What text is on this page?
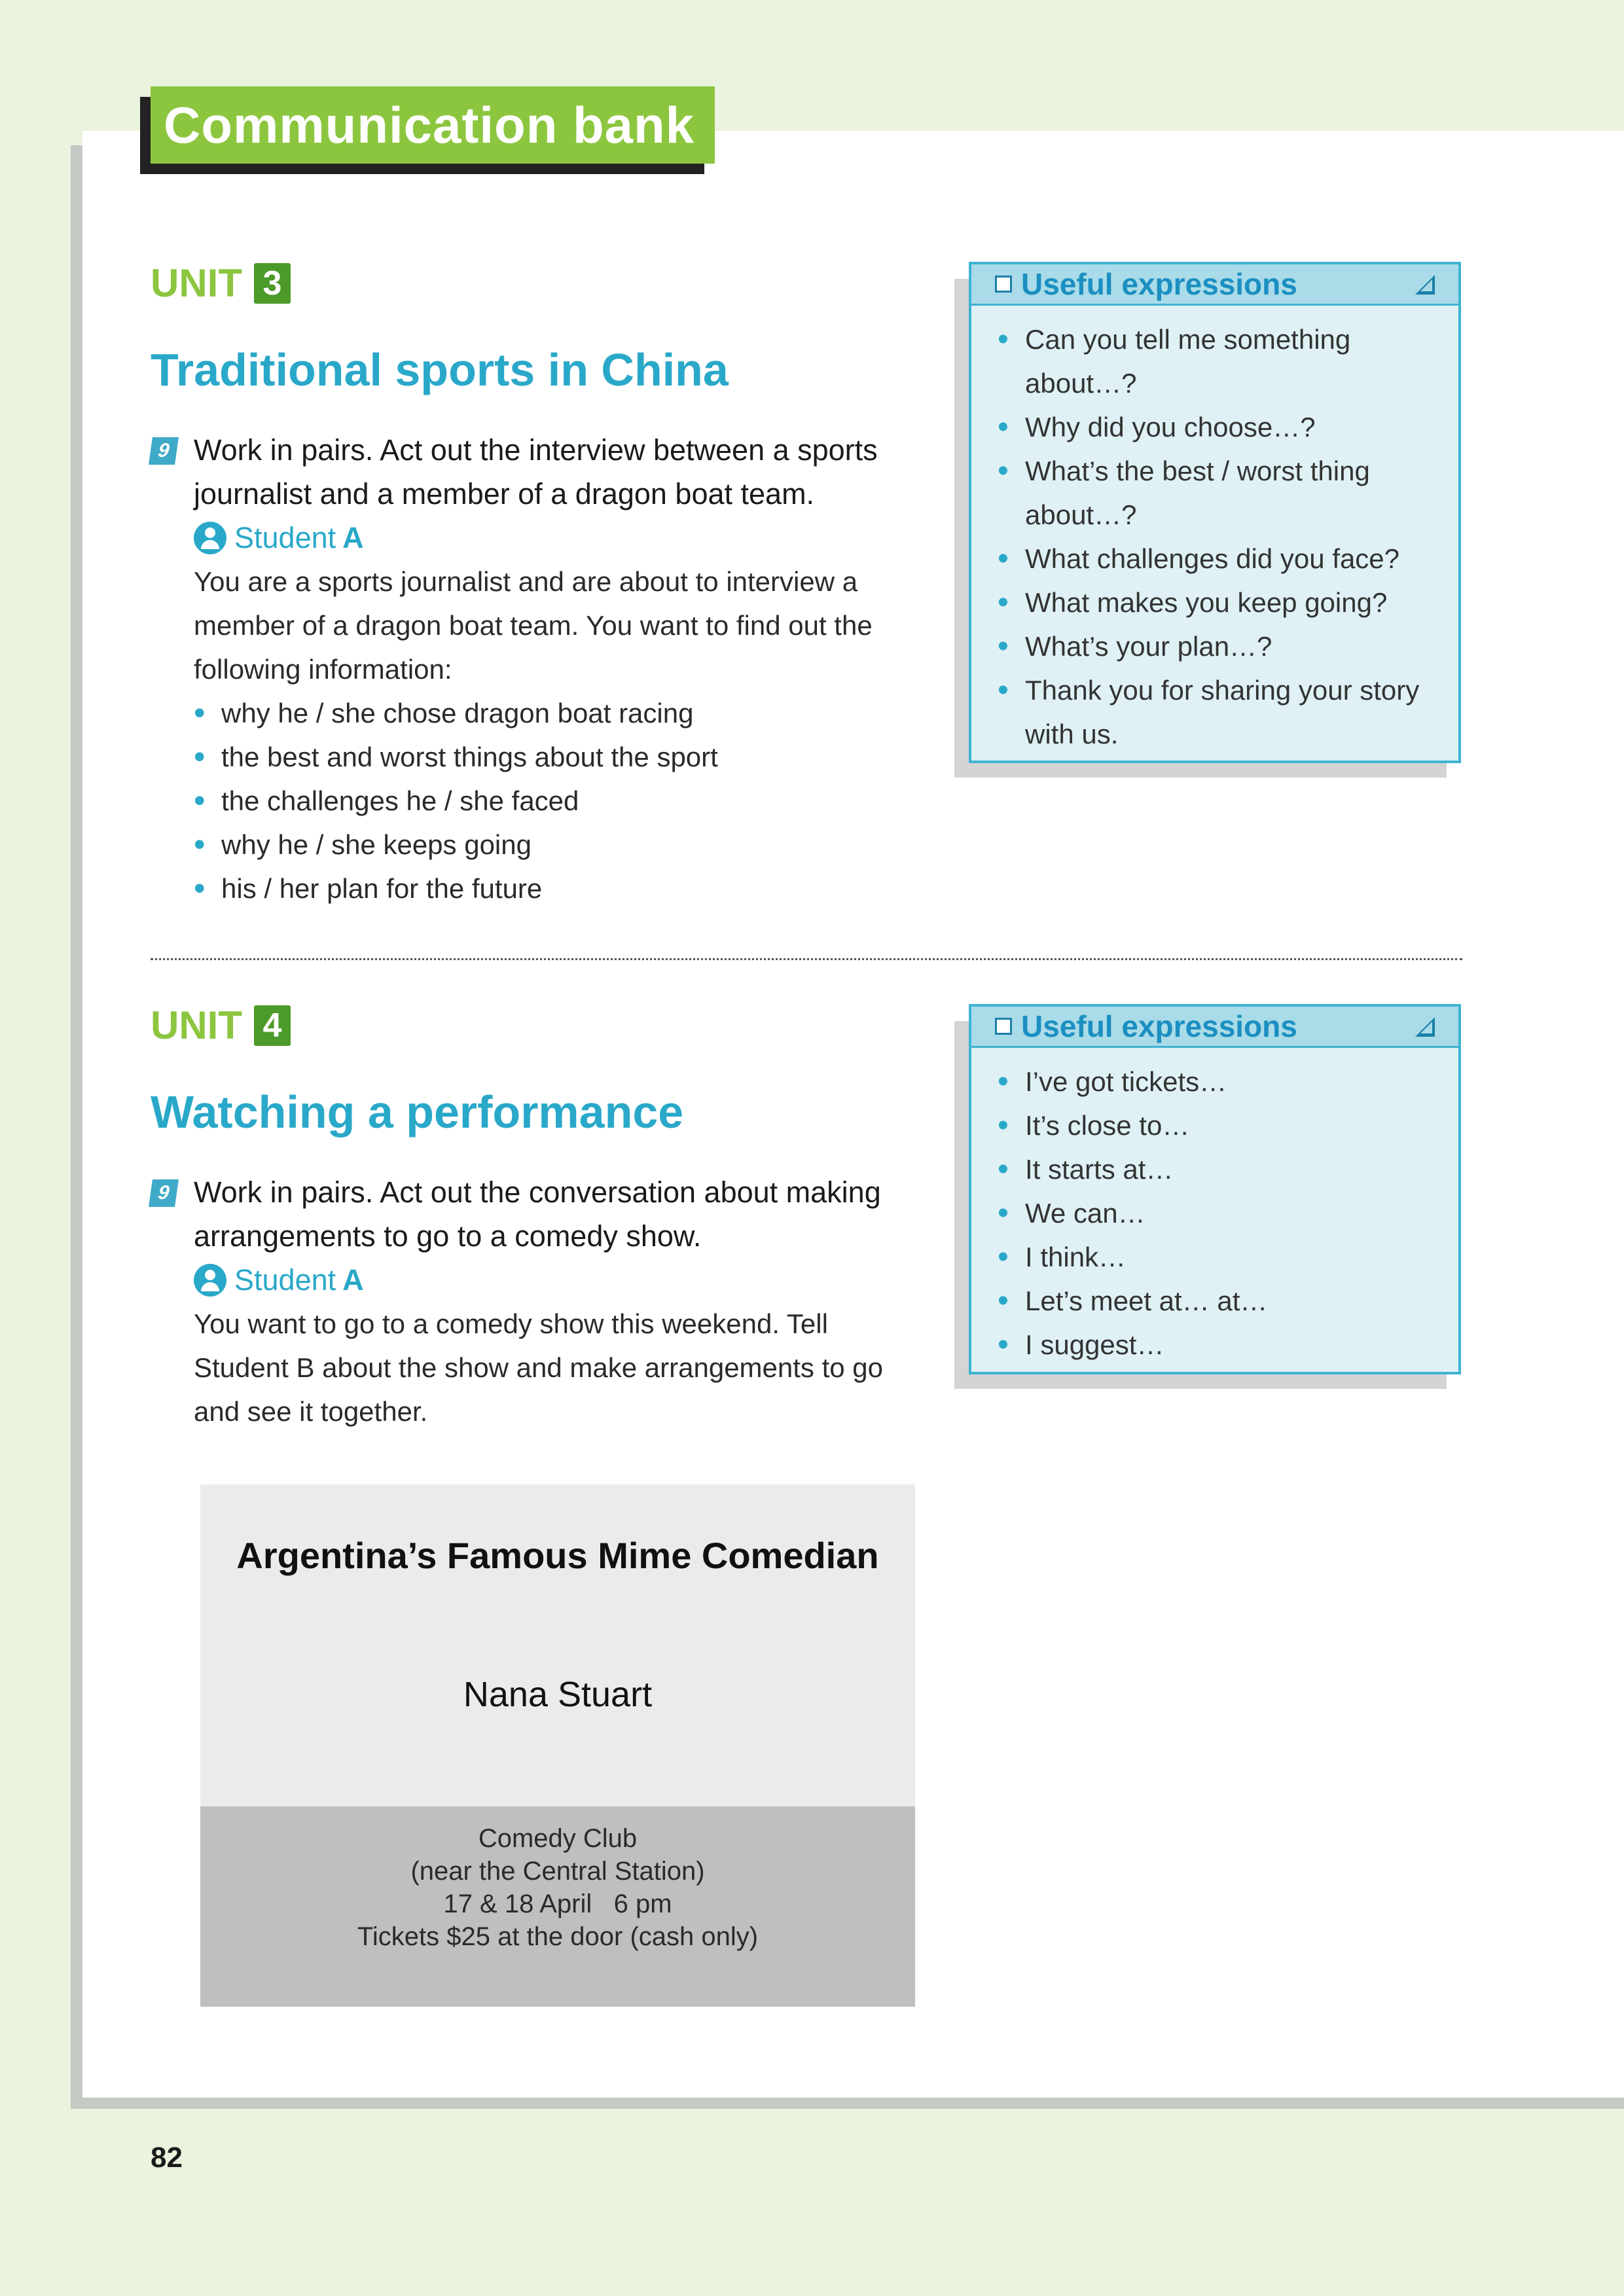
Communication bank
UNIT 3
Traditional sports in China
9 Work in pairs. Act out the interview between a sports journalist and a member of a dragon boat team.
Student A
You are a sports journalist and are about to interview a member of a dragon boat team. You want to find out the following information:
• why he / she chose dragon boat racing
• the best and worst things about the sport
• the challenges he / she faced
• why he / she keeps going
• his / her plan for the future
Useful expressions
• Can you tell me something about…?
• Why did you choose…?
• What’s the best / worst thing about…?
• What challenges did you face?
• What makes you keep going?
• What’s your plan…?
• Thank you for sharing your story with us.
UNIT 4
Watching a performance
9 Work in pairs. Act out the conversation about making arrangements to go to a comedy show.
Student A
You want to go to a comedy show this weekend. Tell Student B about the show and make arrangements to go and see it together.
Useful expressions
• I’ve got tickets…
• It’s close to…
• It starts at…
• We can…
• I think…
• Let’s meet at… at…
• I suggest…
Argentina’s Famous Mime Comedian
Nana Stuart
Comedy Club
(near the Central Station)
17 & 18 April   6 pm
Tickets $25 at the door (cash only)
82
